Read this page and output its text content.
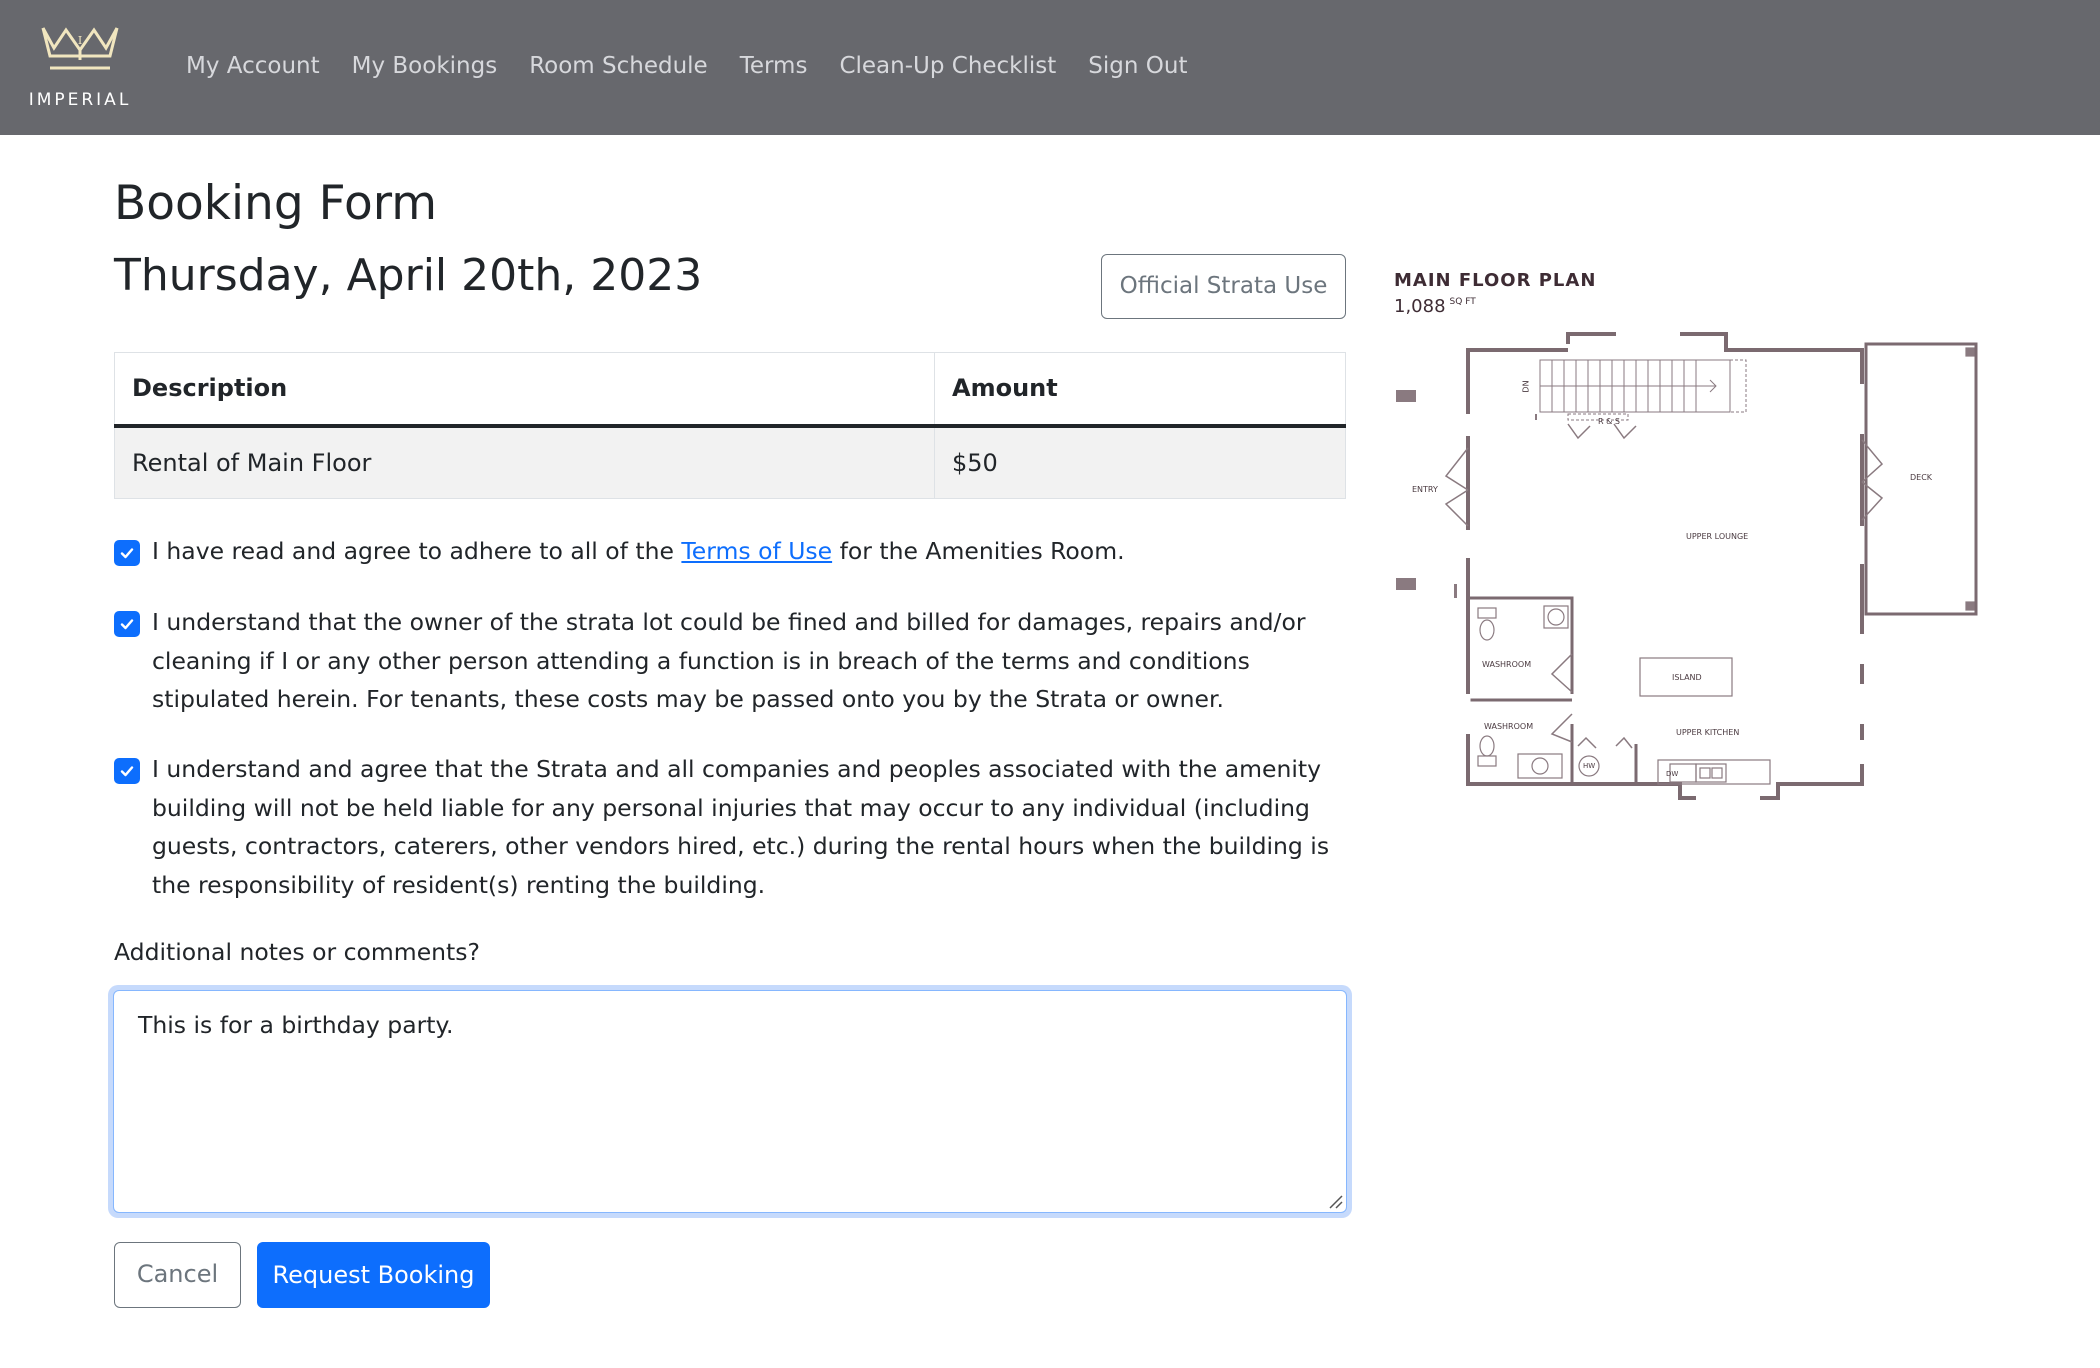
I
IMPERIAL
My Account My Bookings Room Schedule Terms Clean-Up Checklist Sign Out
Booking Form
Thursday, April 20th, 2023	Official Strata Use
Description	Amount
Rental of Main Floor	$50
I have read and agree to adhere to all of the Terms of Use for the Amenities Room.
I understand that the owner of the strata lot could be fined and billed for damages, repairs and/or cleaning if I or any other person attending a function is in breach of the terms and conditions stipulated herein. For tenants, these costs may be passed onto you by the Strata or owner.
I understand and agree that the Strata and all companies and peoples associated with the amenity building will not be held liable for any personal injuries that may occur to any individual (including guests, contractors, caterers, other vendors hired, etc.) during the rental hours when the building is the responsibility of resident(s) renting the building.
Additional notes or comments?
This is for a birthday party.
Cancel	Request Booking
MAIN FLOOR PLAN
1,088 $^{SQ FT}$
DN
R & S
ENTRY
DECK
UPPER LOUNGE
WASHROOM
WASHROOM
ISLAND
UPPER KITCHEN
HW
DW
